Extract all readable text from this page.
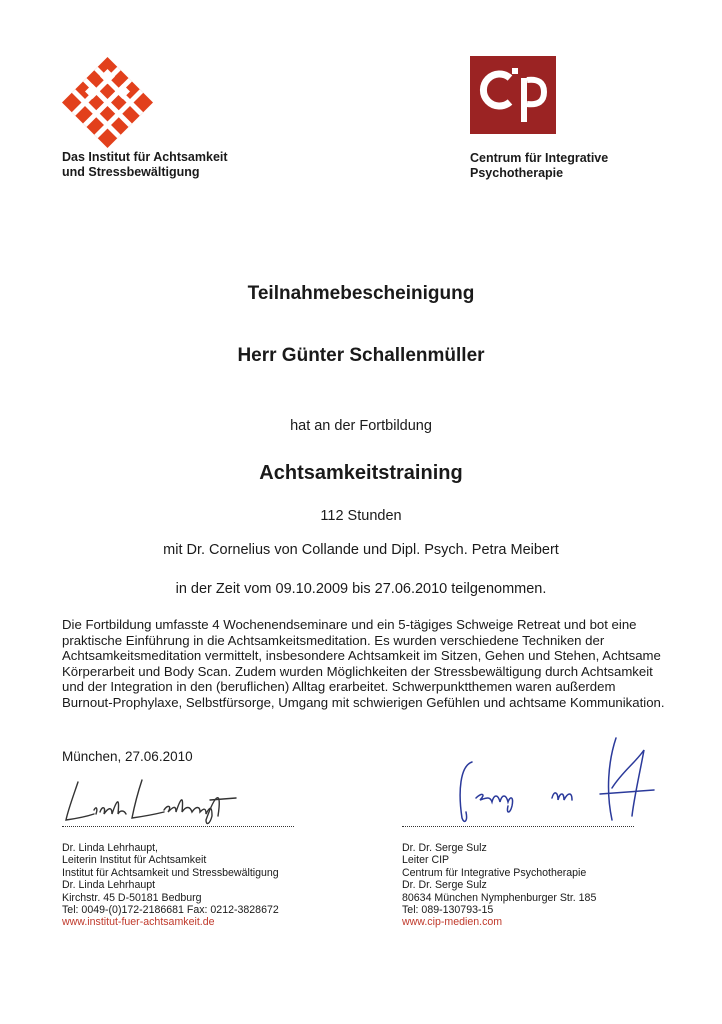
Das Institut für Achtsamkeit
und Stressbewältigung
Centrum für Integrative
Psychotherapie
Teilnahmebescheinigung
Herr Günter Schallenmüller
hat an der Fortbildung
Achtsamkeitstraining
112 Stunden
mit Dr. Cornelius von Collande und Dipl. Psych. Petra Meibert
in der Zeit vom 09.10.2009 bis 27.06.2010 teilgenommen.
Die Fortbildung umfasste 4 Wochenendseminare und ein 5-tägiges Schweige Retreat und bot eine praktische Einführung in die Achtsamkeitsmeditation. Es wurden verschiedene Techniken der Achtsamkeitsmeditation vermittelt, insbesondere Achtsamkeit im Sitzen, Gehen und Stehen, Achtsame Körperarbeit und Body Scan. Zudem wurden Möglichkeiten der Stressbewältigung durch Achtsamkeit und der Integration in den (beruflichen) Alltag erarbeitet. Schwerpunktthemen waren außerdem Burnout-Prophylaxe, Selbstfürsorge, Umgang mit schwierigen Gefühlen und achtsame Kommunikation.
München, 27.06.2010
Dr. Linda Lehrhaupt,
Leiterin Institut für Achtsamkeit
Institut für Achtsamkeit und Stressbewältigung
Dr. Linda Lehrhaupt
Kirchstr. 45 D-50181 Bedburg
Tel: 0049-(0)172-2186681 Fax: 0212-3828672
www.institut-fuer-achtsamkeit.de
Dr. Dr. Serge Sulz
Leiter CIP
Centrum für Integrative Psychotherapie
Dr. Dr. Serge Sulz
80634 München Nymphenburger Str. 185
Tel: 089-130793-15
www.cip-medien.com
